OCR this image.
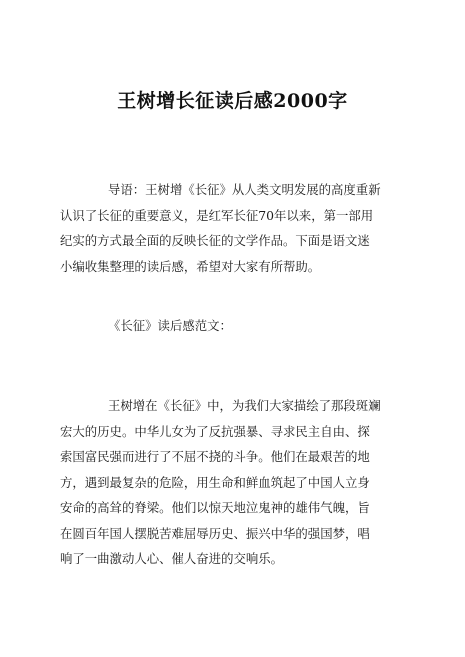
王树增长征读后感2000字
导语：王树增《长征》从人类文明发展的高度重新
认识了长征的重要意义，是红军长征70年以来，第一部用
纪实的方式最全面的反映长征的文学作品。下面是语文迷
小编收集整理的读后感，希望对大家有所帮助。
《长征》读后感范文：
王树增在《长征》中，为我们大家描绘了那段斑斓
宏大的历史。中华儿女为了反抗强暴、寻求民主自由、探
索国富民强而进行了不屈不挠的斗争。他们在最艰苦的地
方，遇到最复杂的危险，用生命和鲜血筑起了中国人立身
安命的高耸的脊梁。他们以惊天地泣鬼神的雄伟气魄，旨
在圆百年国人摆脱苦难屈辱历史、振兴中华的强国梦，唱
响了一曲激动人心、催人奋进的交响乐。
